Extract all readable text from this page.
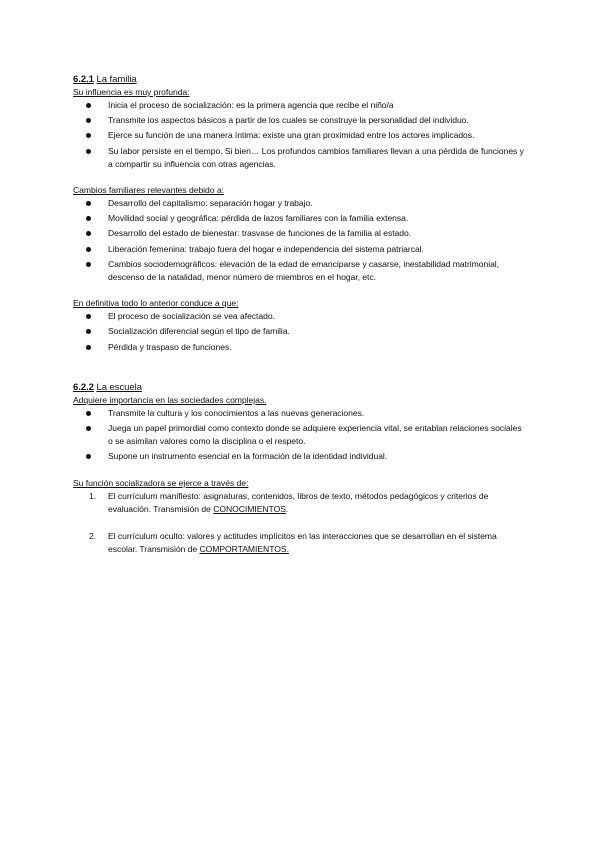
6.2.1 La familia

Su influencia es muy profunda:

Inicia el proceso de socialización: es la primera agencia que recibe el niño/a
Transmite los aspectos básicos a partir de los cuales se construye la personalidad del individuo.
Ejerce su función de una manera íntima: existe una gran proximidad entre los actores implicados.
Su labor persiste en el tiempo. Si bien… Los profundos cambios familiares llevan a una pérdida de funciones y a compartir su influencia con otras agencias.

Cambios familiares relevantes debido a:

Desarrollo del capitalismo: separación hogar y trabajo.
Movilidad social y geográfica: pérdida de lazos familiares con la familia extensa.
Desarrollo del estado de bienestar: trasvase de funciones de la familia al estado.
Liberación femenina: trabajo fuera del hogar e independencia del sistema patriarcal.
Cambios sociodemográficos: elevación de la edad de emanciparse y casarse, inestabilidad matrimonial, descenso de la natalidad, menor número de miembros en el hogar, etc.

En definitiva todo lo anterior conduce a que:

El proceso de socialización se vea afectado.
Socialización diferencial según el tipo de familia.
Pérdida y traspaso de funciones.

6.2.2 La escuela

Adquiere importancia en las sociedades complejas.

Transmite la cultura y los conocimientos a las nuevas generaciones.
Juega un papel primordial como contexto donde se adquiere experiencia vital, se entablan relaciones sociales o se asimilan valores como la disciplina o el respeto.
Supone un instrumento esencial en la formación de la identidad individual.

Su función socializadora se ejerce a través de:

1. El currículum manifiesto: asignaturas, contenidos, libros de texto, métodos pedagógicos y criterios de evaluación. Transmisión de CONOCIMIENTOS.
2. El currículum oculto: valores y actitudes implícitos en las interacciones que se desarrollan en el sistema escolar. Transmisión de COMPORTAMIENTOS.
